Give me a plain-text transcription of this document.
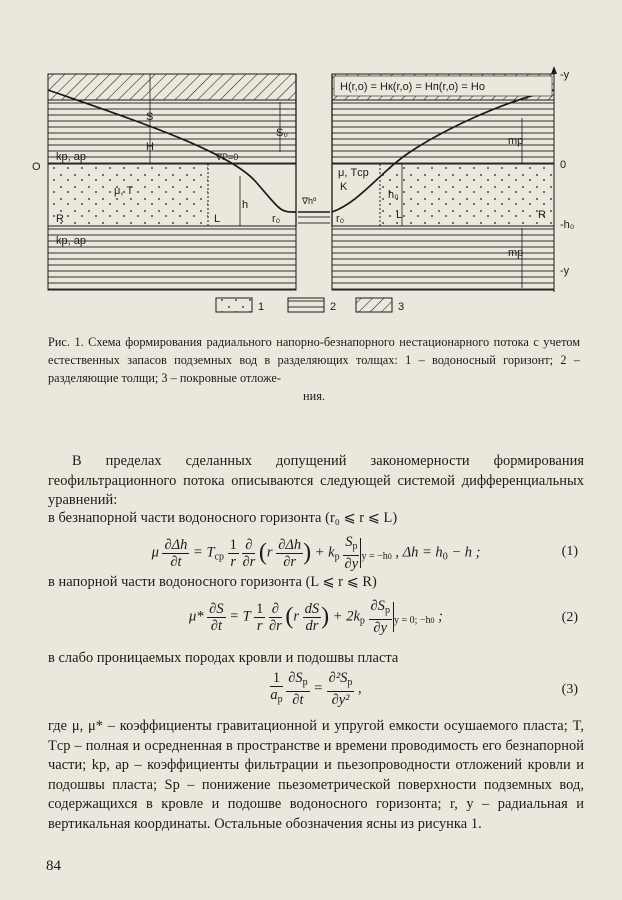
H(r,o) = Hк(r,o) = Hп(r,o) = Hо
-у
0
-h₀
-у
O
S
H
S₀
kр, aр	∇P=0
μ, T
μ, Tср
K
h
h₀
∇hº
r₀	r₀
L	L
R	R
kр, aр
mр
mр
1	2	3
Рис. 1. Схема формирования радиального напорно-безнапорного нестационарного потока с учетом естественных запасов подземных вод в разделяющих толщах: 1 – водоносный горизонт; 2 – разделяющие толщи; 3 – покровные отложе-
ния.
В пределах сделанных допущений закономерности формирования геофильтрационного потока описываются следующей системой дифференциальных уравнений:
в безнапорной части водоносного горизонта (r₀ ⩽ r ⩽ L)
μ $\frac{\partial\Delta h}{\partial t} = T_{ср} \frac{1}{r}$
$\frac{\partial}{\partial r} (r \frac{\partial\Delta h}{\partial r}$ ) + $k_р \frac{S_р}{\partial y} _{y = -h0}$ , $\Delta h = h_0 - h$ ;	(1)
в напорной части водоносного горизонта (L ⩽ r ⩽ R)
$\mu* \frac{\partial S}{\partial t} = T \frac{1}{r}$
$\frac{\partial}{\partial r} (r \frac{dS}{dr}$ ) + $2k_р \frac{\partial S_р}{\partial y} _{y = 0; -h0}$ ;	(2)
в слабо проницаемых породах кровли и подошвы пласта
$\frac{1}{a_р}$
$\frac{\partial S_р}{\partial t} = \frac{\partial^2S_р}{\text{∂y²}}$ ,	(3)
где μ, μ* – коэффициенты гравитационной и упругой емкости осушаемого пласта; T, Tср – полная и осредненная в пространстве и времени проводимость его безнапорной части; kр, aр – коэффициенты фильтрации и пьезопроводности отложений кровли и подошвы пласта; Sр – понижение пьезометрической поверхности подземных вод, содержащихся в кровле и подошве водоносного горизонта; r, y – радиальная и вертикальная координаты. Остальные обозначения ясны из рисунка 1.
84
